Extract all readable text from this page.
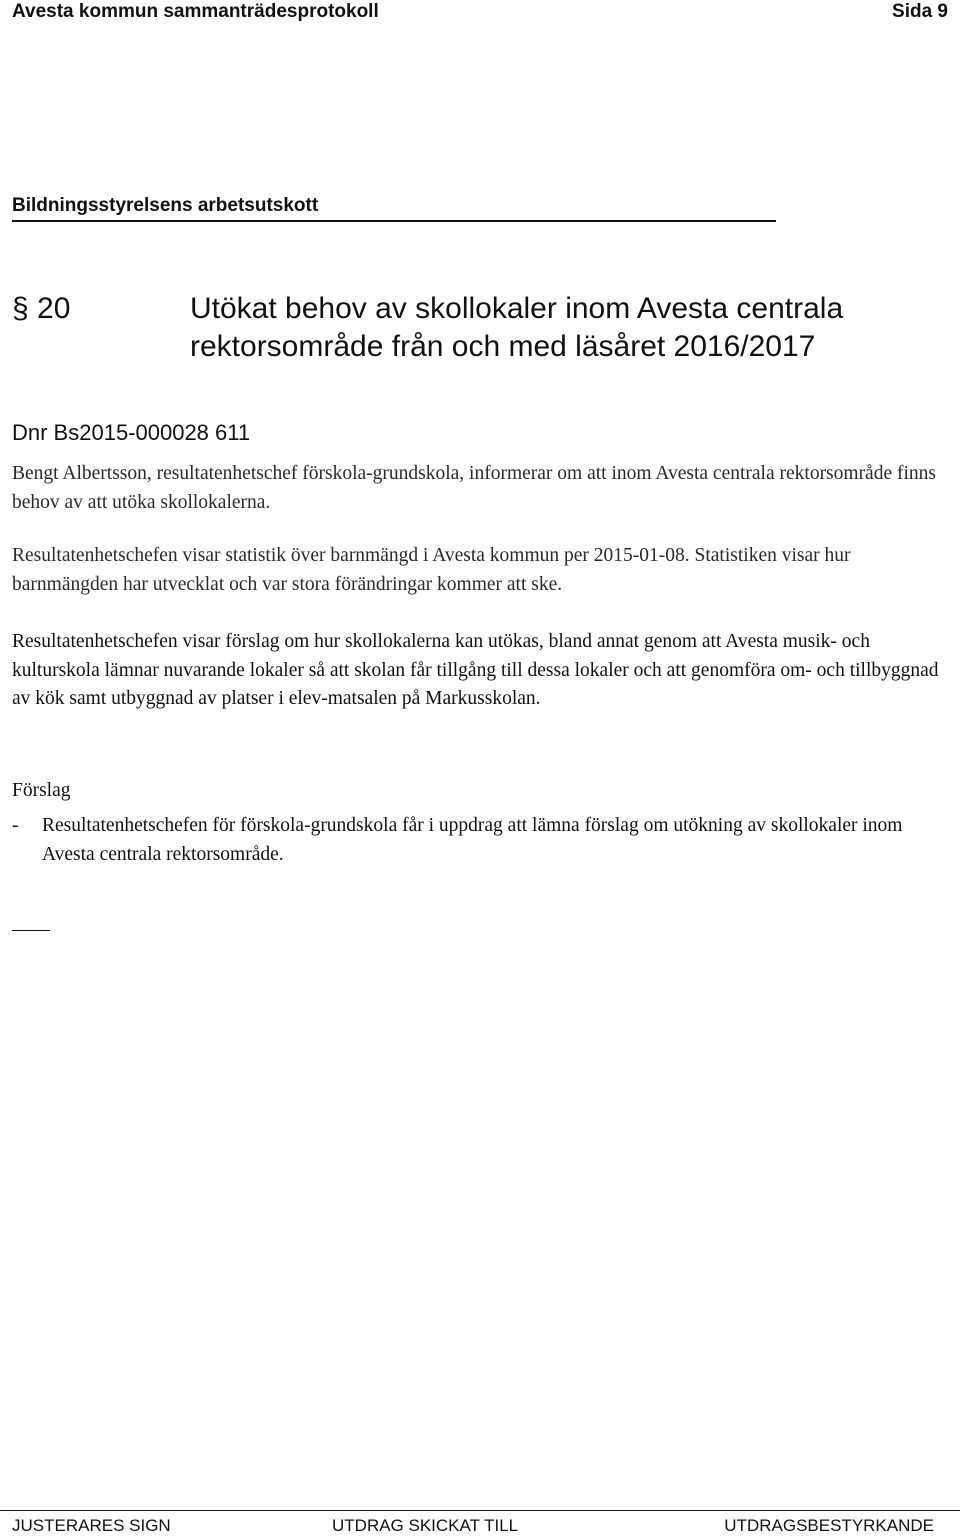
Avesta kommun sammanträdesprotokoll	Sida 9
Bildningsstyrelsens arbetsutskott
§ 20	Utökat behov av skollokaler inom Avesta centrala rektorsområde från och med läsåret 2016/2017
Dnr Bs2015-000028 611
Bengt Albertsson, resultatenhetschef förskola-grundskola, informerar om att inom Avesta centrala rektorsområde finns behov av att utöka skollokalerna.
Resultatenhetschefen visar statistik över barnmängd i Avesta kommun per 2015-01-08. Statistiken visar hur barnmängden har utvecklat och var stora förändringar kommer att ske.
Resultatenhetschefen visar förslag om hur skollokalerna kan utökas, bland annat genom att Avesta musik- och kulturskola lämnar nuvarande lokaler så att skolan får tillgång till dessa lokaler och att genomföra om- och tillbyggnad av kök samt utbyggnad av platser i elev-matsalen på Markusskolan.
Förslag
- Resultatenhetschefen för förskola-grundskola får i uppdrag att lämna förslag om utökning av skollokaler inom Avesta centrala rektorsområde.
JUSTERARES SIGN	UTDRAG SKICKAT TILL	UTDRAGSBESTYRKANDE
